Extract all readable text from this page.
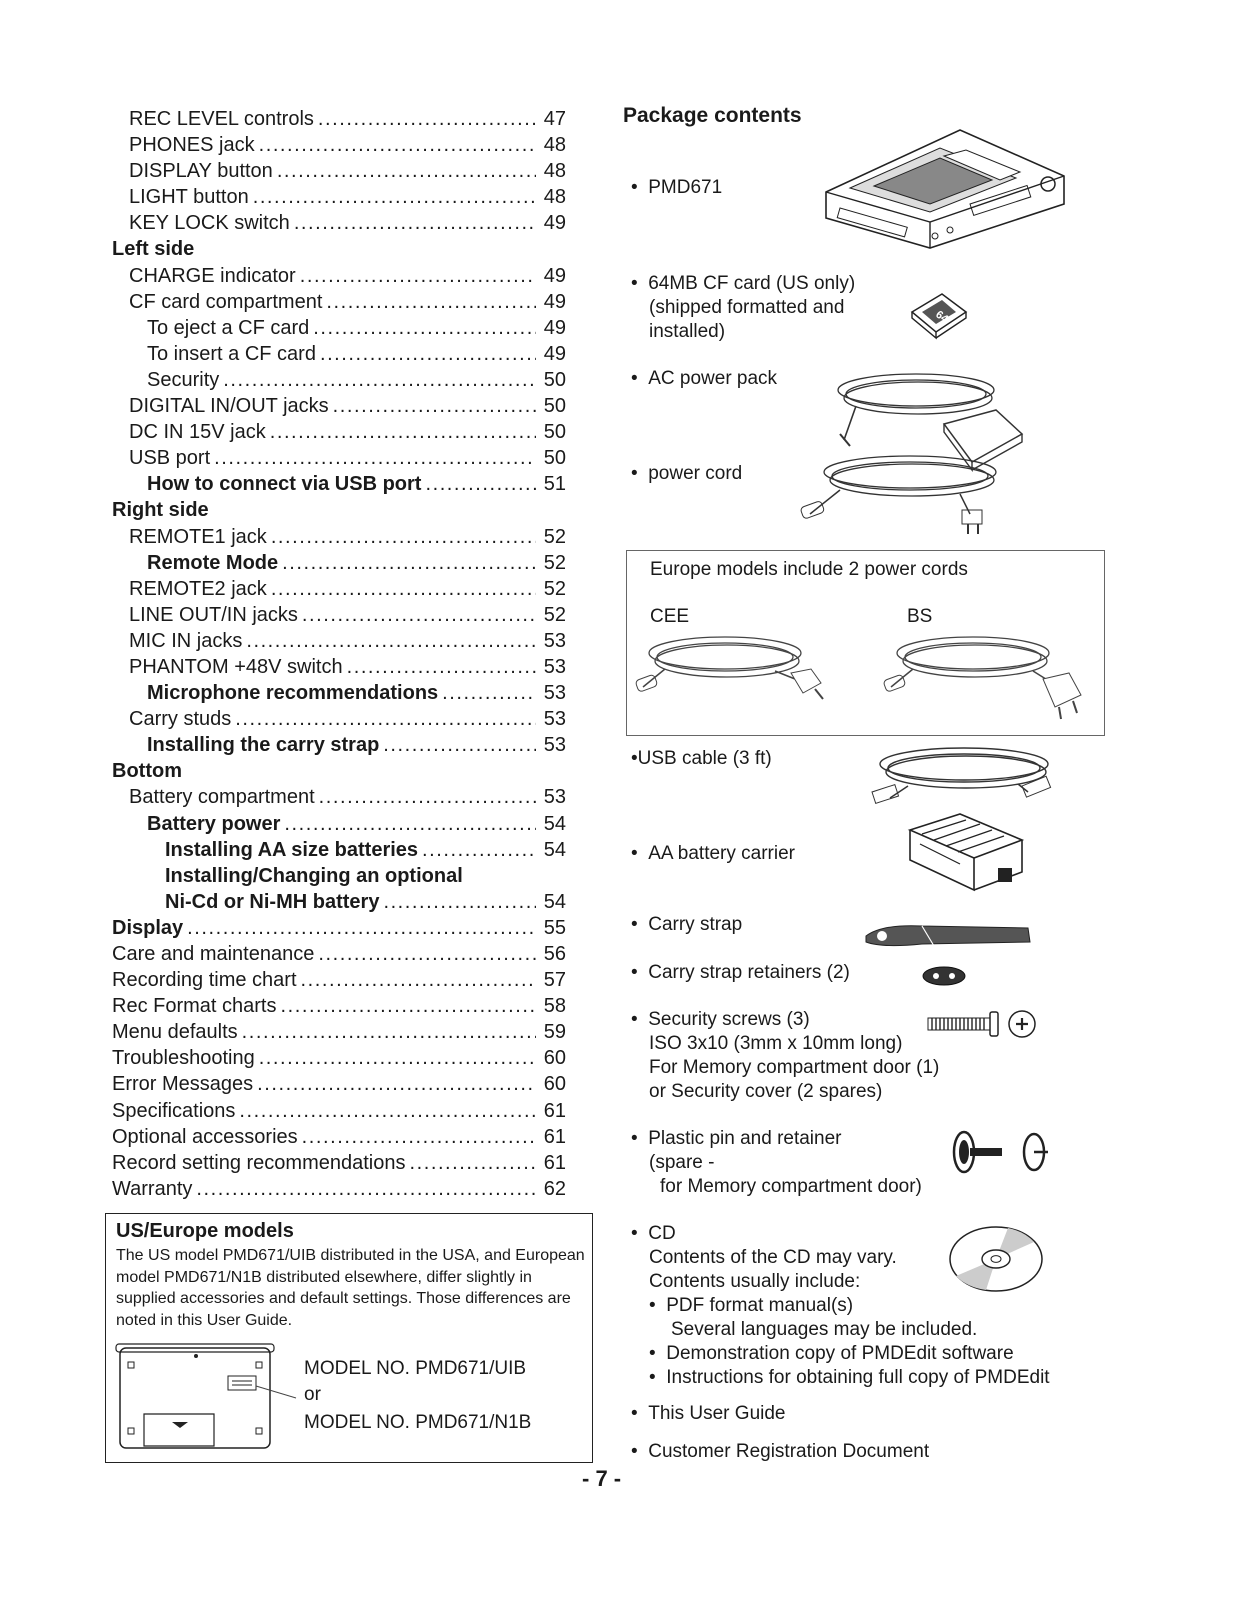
REC LEVEL controls . . .	47
PHONES jack . . .	48
DISPLAY button . . .	48
LIGHT button . . .	48
KEY LOCK switch . . .	49
Left side
CHARGE indicator . . .	49
CF card compartment . . .	49
To eject a CF card . . .	49
To insert a CF card . . .	49
Security . . .	50
DIGITAL IN/OUT jacks . . .	50
DC IN 15V jack . . .	50
USB port . . .	50
How to connect via USB port . . .	51
Right side
REMOTE1 jack . . .	52
Remote Mode . . .	52
REMOTE2 jack . . .	52
LINE OUT/IN jacks . . .	52
MIC IN jacks . . .	53
PHANTOM +48V switch . . .	53
Microphone recommendations . . .	53
Carry studs . . .	53
Installing the carry strap . . .	53
Bottom
Battery compartment . . .	53
Battery power . . .	54
Installing AA size batteries . . .	54
Installing/Changing an optional
Ni-Cd or Ni-MH battery . . .	54
Display . . .	55
Care and maintenance . . .	56
Recording time chart . . .	57
Rec Format charts . . .	58
Menu defaults . . .	59
Troubleshooting . . .	60
Error Messages . . .	60
Specifications . . .	61
Optional accessories . . .	61
Record setting recommendations . . .	61
Warranty . . .	62
US/Europe models
The US model PMD671/UIB distributed in the USA, and European model PMD671/N1B distributed elsewhere, differ slightly in supplied accessories and default settings. Those differences are noted in this User Guide.
MODEL NO. PMD671/UIB
or
MODEL NO. PMD671/N1B
Package contents
• PMD671
• 64MB CF card (US only)
(shipped formatted and
installed)
64
• AC power pack
• power cord
Europe models include 2 power cords
CEE	BS
•USB cable (3 ft)
• AA battery carrier
• Carry strap
• Carry strap retainers (2)
• Security screws (3)
ISO 3x10 (3mm x 10mm long)
For Memory compartment door (1)
or Security cover (2 spares)
• Plastic pin and retainer
(spare -
for Memory compartment door)
• CD
Contents of the CD may vary.
Contents usually include:
• PDF format manual(s)
Several languages may be included.
• Demonstration copy of PMDEdit software
• Instructions for obtaining full copy of PMDEdit
• This User Guide
• Customer Registration Document
- 7 -
